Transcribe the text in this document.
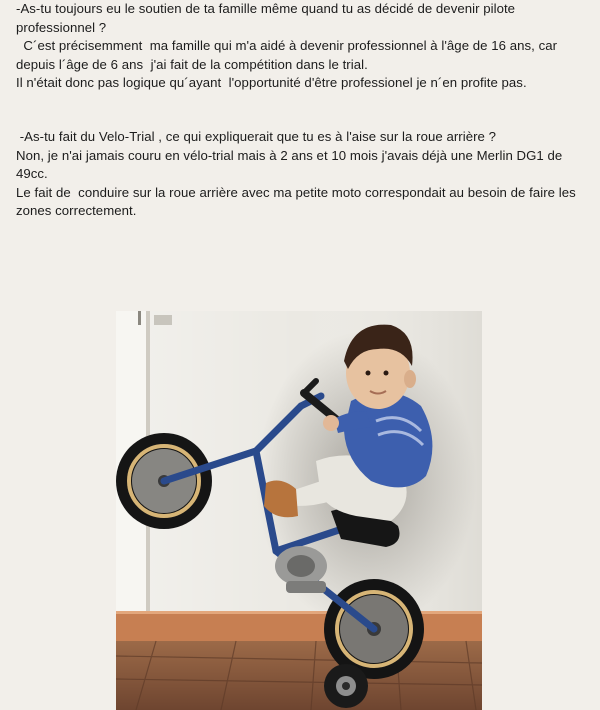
-As-tu toujours eu le soutien de ta famille même quand tu as décidé de devenir pilote
professionnel ?
C´est précisemment  ma famille qui m'a aidé à devenir professionnel à l'âge de 16 ans, car
depuis l´âge de 6 ans  j'ai fait de la compétition dans le trial.
Il n'était donc pas logique qu´ayant  l'opportunité d'être professionel je n´en profite pas.
-As-tu fait du Velo-Trial , ce qui expliquerait que tu es à l'aise sur la roue arrière ?
Non, je n'ai jamais couru en vélo-trial mais à 2 ans et 10 mois j'avais déjà une Merlin DG1 de
49cc.
Le fait de  conduire sur la roue arrière avec ma petite moto correspondait au besoin de faire les
zones correctement.
